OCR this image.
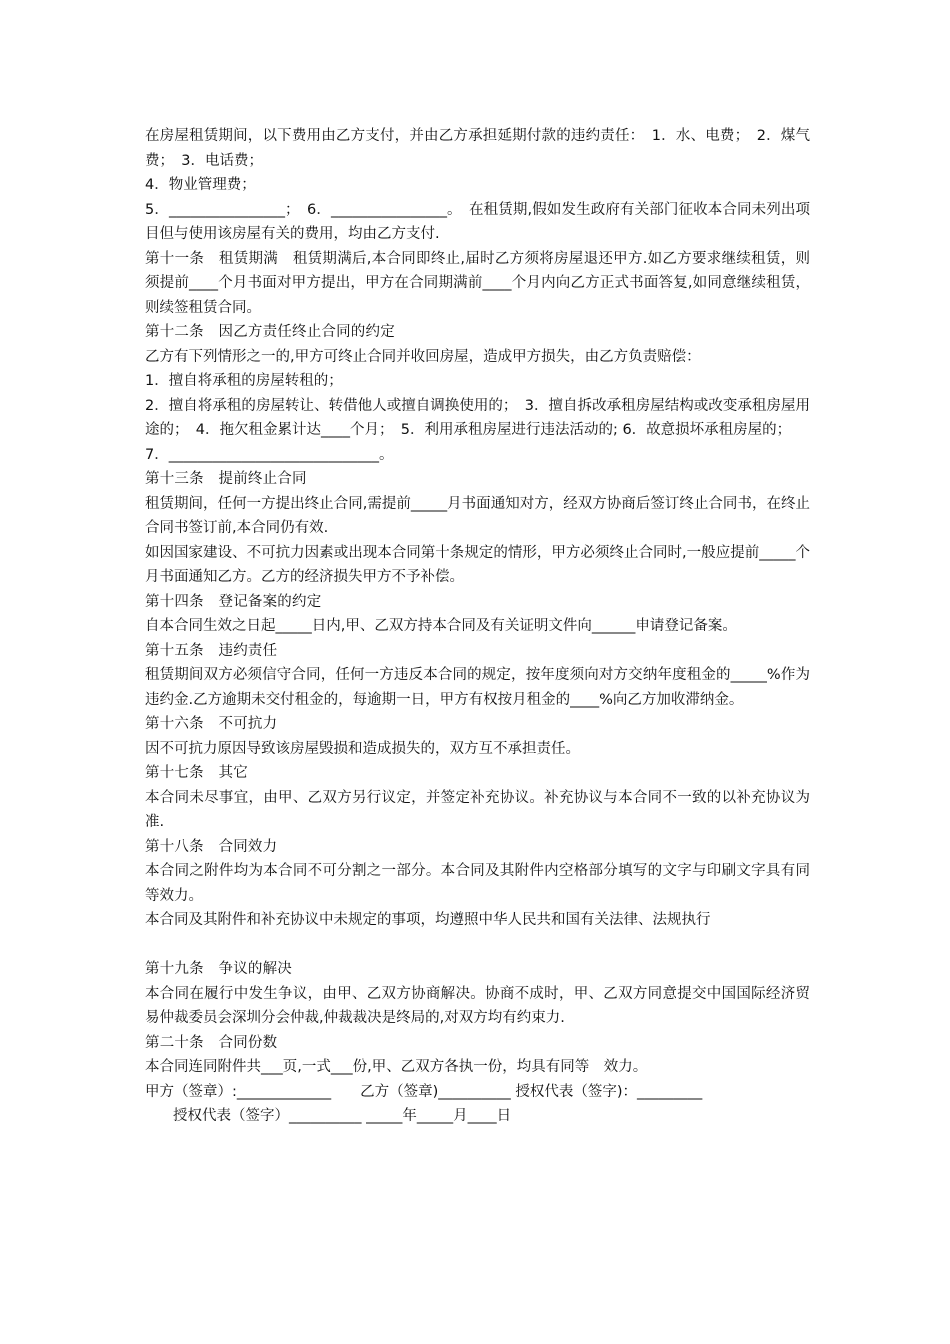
在房屋租赁期间，以下费用由乙方支付，并由乙方承担延期付款的违约责任：　1．水、电费；　2．煤气费；　3．电话费；

4．物业管理费；

5．________________；　6．________________。　在租赁期,假如发生政府有关部门征收本合同未列出项目但与使用该房屋有关的费用，均由乙方支付.

第十一条　租赁期满　租赁期满后,本合同即终止,届时乙方须将房屋退还甲方.如乙方要求继续租赁，则须提前____个月书面对甲方提出，甲方在合同期满前____个月内向乙方正式书面答复,如同意继续租赁，则续签租赁合同。

第十二条　因乙方责任终止合同的约定

乙方有下列情形之一的,甲方可终止合同并收回房屋，造成甲方损失，由乙方负责赔偿：

1．擅自将承租的房屋转租的；

2．擅自将承租的房屋转让、转借他人或擅自调换使用的；　3．擅自拆改承租房屋结构或改变承租房屋用途的；　4．拖欠租金累计达____个月；　5．利用承租房屋进行违法活动的; 6．故意损坏承租房屋的；

7．_____________________________。

第十三条　提前终止合同

租赁期间，任何一方提出终止合同,需提前_____月书面通知对方，经双方协商后签订终止合同书，在终止合同书签订前,本合同仍有效.

如因国家建设、不可抗力因素或出现本合同第十条规定的情形，甲方必须终止合同时,一般应提前_____个月书面通知乙方。乙方的经济损失甲方不予补偿。

第十四条　登记备案的约定

自本合同生效之日起_____日内,甲、乙双方持本合同及有关证明文件向______申请登记备案。

第十五条　违约责任

租赁期间双方必须信守合同，任何一方违反本合同的规定，按年度须向对方交纳年度租金的_____%作为违约金.乙方逾期未交付租金的，每逾期一日，甲方有权按月租金的____%向乙方加收滞纳金。

第十六条　不可抗力

因不可抗力原因导致该房屋毁损和造成损失的，双方互不承担责任。

第十七条　其它

本合同未尽事宜，由甲、乙双方另行议定，并签定补充协议。补充协议与本合同不一致的以补充协议为准.

第十八条　合同效力

本合同之附件均为本合同不可分割之一部分。本合同及其附件内空格部分填写的文字与印刷文字具有同等效力。

本合同及其附件和补充协议中未规定的事项，均遵照中华人民共和国有关法律、法规执行

第十九条　争议的解决

本合同在履行中发生争议，由甲、乙双方协商解决。协商不成时，甲、乙双方同意提交中国国际经济贸易仲裁委员会深圳分会仲裁,仲裁裁决是终局的,对双方均有约束力.

第二十条　合同份数

本合同连同附件共___页,一式___份,甲、乙双方各执一份，均具有同等　效力。

甲方（签章）:_____________　　乙方（签章)__________ 授权代表（签字)：_________

授权代表（签字）__________ _____年_____月____日
